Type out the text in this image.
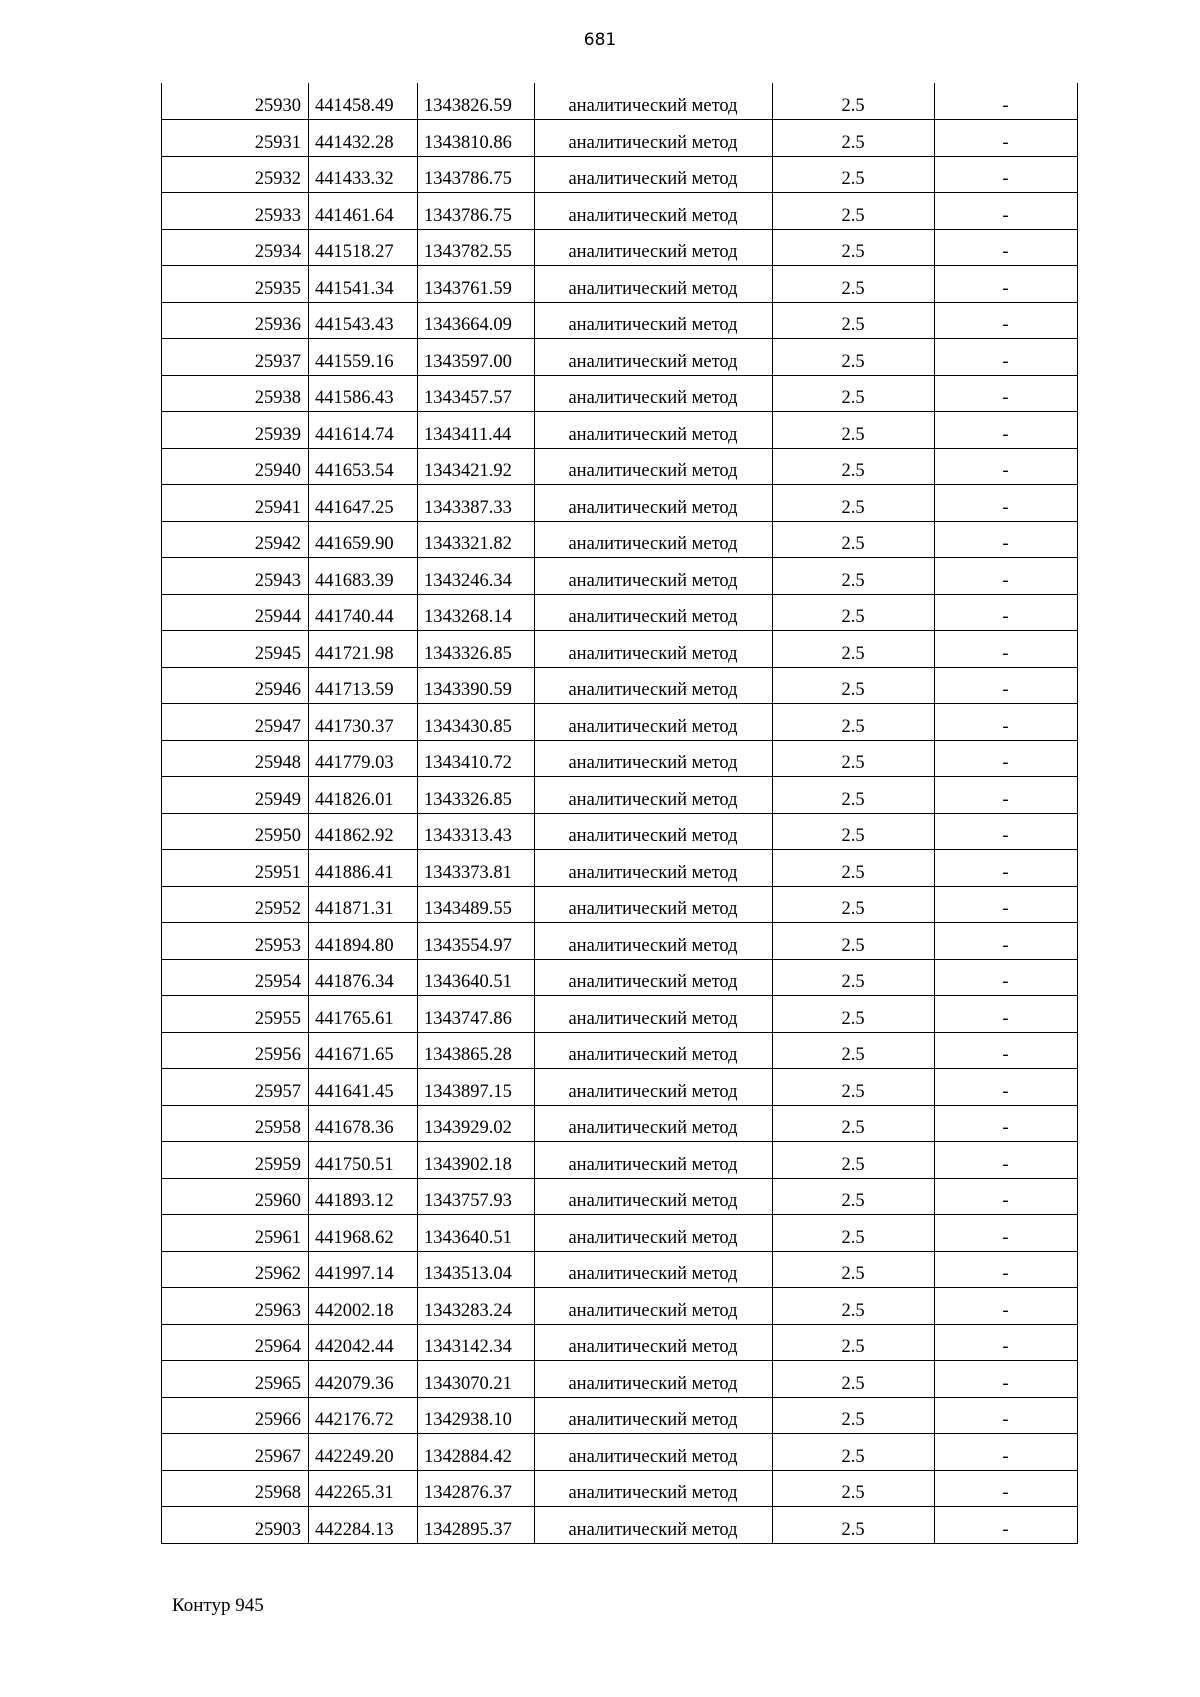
681
25930	441458.49	1343826.59	аналитический метод	2.5	-
25931	441432.28	1343810.86	аналитический метод	2.5	-
25932	441433.32	1343786.75	аналитический метод	2.5	-
25933	441461.64	1343786.75	аналитический метод	2.5	-
25934	441518.27	1343782.55	аналитический метод	2.5	-
25935	441541.34	1343761.59	аналитический метод	2.5	-
25936	441543.43	1343664.09	аналитический метод	2.5	-
25937	441559.16	1343597.00	аналитический метод	2.5	-
25938	441586.43	1343457.57	аналитический метод	2.5	-
25939	441614.74	1343411.44	аналитический метод	2.5	-
25940	441653.54	1343421.92	аналитический метод	2.5	-
25941	441647.25	1343387.33	аналитический метод	2.5	-
25942	441659.90	1343321.82	аналитический метод	2.5	-
25943	441683.39	1343246.34	аналитический метод	2.5	-
25944	441740.44	1343268.14	аналитический метод	2.5	-
25945	441721.98	1343326.85	аналитический метод	2.5	-
25946	441713.59	1343390.59	аналитический метод	2.5	-
25947	441730.37	1343430.85	аналитический метод	2.5	-
25948	441779.03	1343410.72	аналитический метод	2.5	-
25949	441826.01	1343326.85	аналитический метод	2.5	-
25950	441862.92	1343313.43	аналитический метод	2.5	-
25951	441886.41	1343373.81	аналитический метод	2.5	-
25952	441871.31	1343489.55	аналитический метод	2.5	-
25953	441894.80	1343554.97	аналитический метод	2.5	-
25954	441876.34	1343640.51	аналитический метод	2.5	-
25955	441765.61	1343747.86	аналитический метод	2.5	-
25956	441671.65	1343865.28	аналитический метод	2.5	-
25957	441641.45	1343897.15	аналитический метод	2.5	-
25958	441678.36	1343929.02	аналитический метод	2.5	-
25959	441750.51	1343902.18	аналитический метод	2.5	-
25960	441893.12	1343757.93	аналитический метод	2.5	-
25961	441968.62	1343640.51	аналитический метод	2.5	-
25962	441997.14	1343513.04	аналитический метод	2.5	-
25963	442002.18	1343283.24	аналитический метод	2.5	-
25964	442042.44	1343142.34	аналитический метод	2.5	-
25965	442079.36	1343070.21	аналитический метод	2.5	-
25966	442176.72	1342938.10	аналитический метод	2.5	-
25967	442249.20	1342884.42	аналитический метод	2.5	-
25968	442265.31	1342876.37	аналитический метод	2.5	-
25903	442284.13	1342895.37	аналитический метод	2.5	-
Контур 945
